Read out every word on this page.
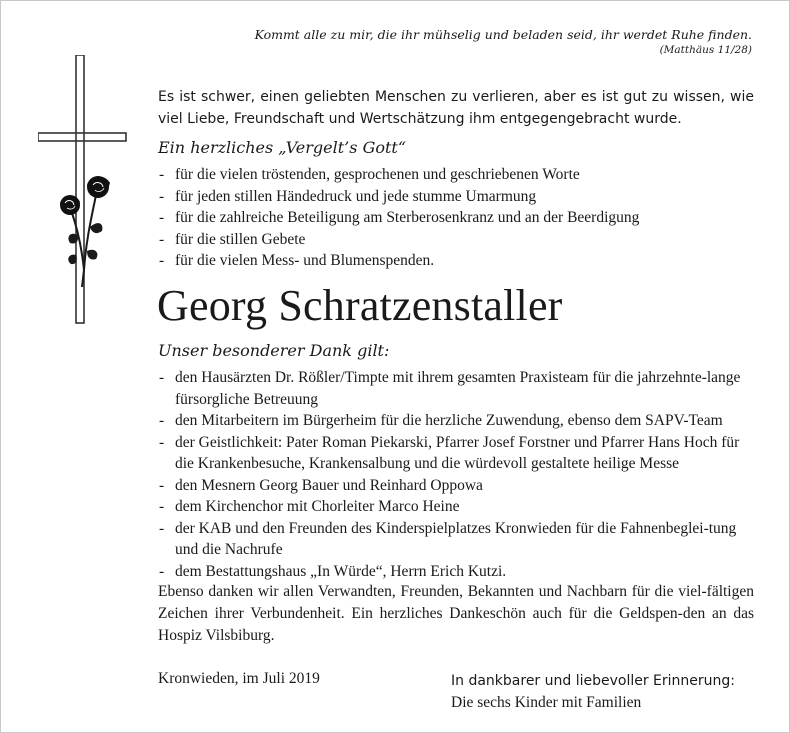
Kommt alle zu mir, die ihr mühselig und beladen seid, ihr werdet Ruhe finden.
(Matthäus 11/28)
Es ist schwer, einen geliebten Menschen zu verlieren, aber es ist gut zu wissen, wie viel Liebe, Freundschaft und Wertschätzung ihm entgegengebracht wurde.
Ein herzliches „Vergelt’s Gott“
- für die vielen tröstenden, gesprochenen und geschriebenen Worte
- für jeden stillen Händedruck und jede stumme Umarmung
- für die zahlreiche Beteiligung am Sterberosenkranz und an der Beerdigung
- für die stillen Gebete
- für die vielen Mess- und Blumenspenden.
Georg Schratzenstaller
Unser besonderer Dank gilt:
- den Hausärzten Dr. Rößler/Timpte mit ihrem gesamten Praxisteam für die jahrzehnte-lange fürsorgliche Betreuung
- den Mitarbeitern im Bürgerheim für die herzliche Zuwendung, ebenso dem SAPV-Team
- der Geistlichkeit: Pater Roman Piekarski, Pfarrer Josef Forstner und Pfarrer Hans Hoch für die Krankenbesuche, Krankensalbung und die würdevoll gestaltete heilige Messe
- den Mesnern Georg Bauer und Reinhard Oppowa
- dem Kirchenchor mit Chorleiter Marco Heine
- der KAB und den Freunden des Kinderspielplatzes Kronwieden für die Fahnenbeglei-tung und die Nachrufe
- dem Bestattungshaus „In Würde“, Herrn Erich Kutzi.
Ebenso danken wir allen Verwandten, Freunden, Bekannten und Nachbarn für die viel-fältigen Zeichen ihrer Verbundenheit. Ein herzliches Dankeschön auch für die Geldspen-den an das Hospiz Vilsbiburg.
Kronwieden, im Juli 2019	In dankbarer und liebevoller Erinnerung:
Die sechs Kinder mit Familien
